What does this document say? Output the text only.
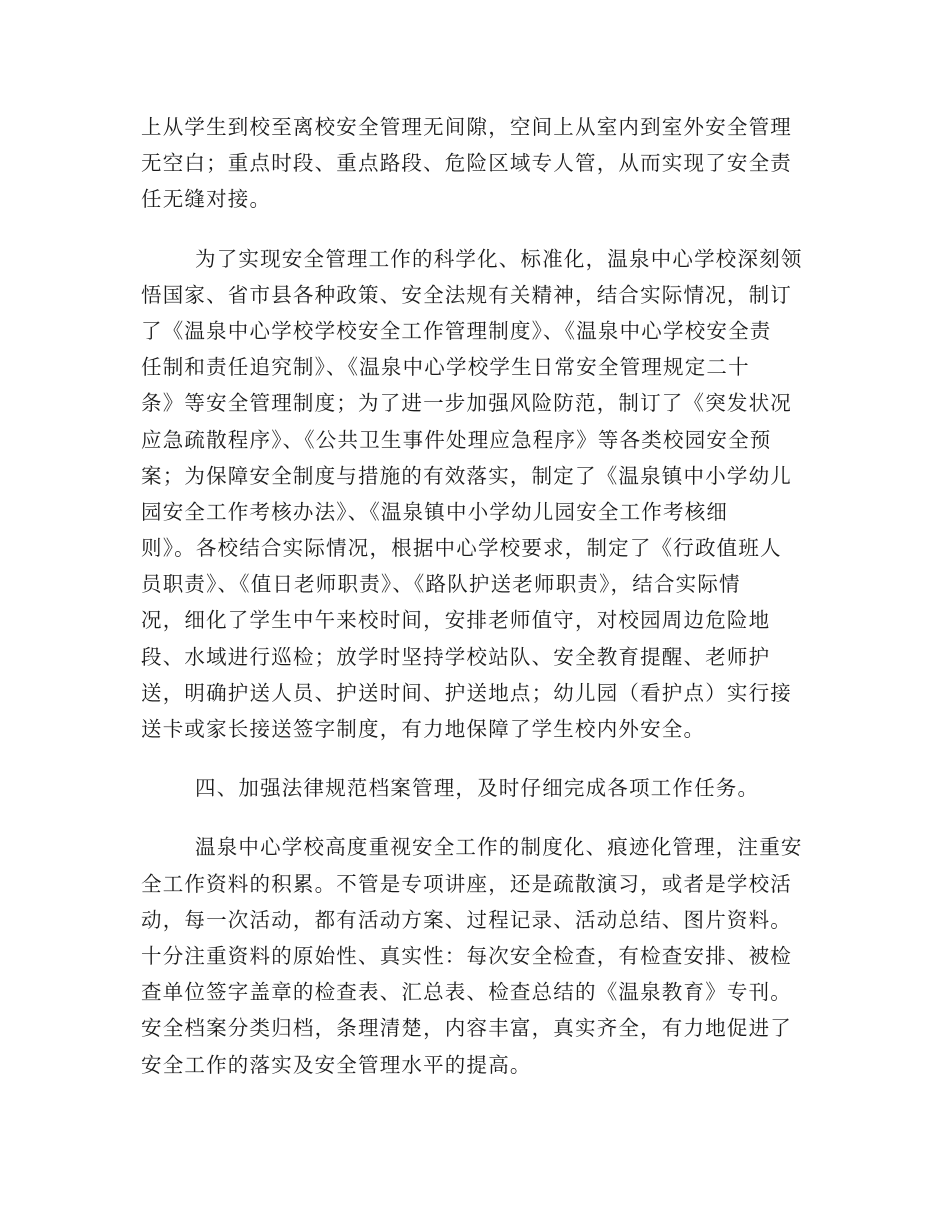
上从学生到校至离校安全管理无间隙，空间上从室内到室外安全管理
无空白；重点时段、重点路段、危险区域专人管，从而实现了安全责
任无缝对接。
为了实现安全管理工作的科学化、标准化，温泉中心学校深刻领
悟国家、省市县各种政策、安全法规有关精神，结合实际情况，制订
了《温泉中心学校学校安全工作管理制度》、《温泉中心学校安全责
任制和责任追究制》、《温泉中心学校学生日常安全管理规定二十
条》等安全管理制度；为了进一步加强风险防范，制订了《突发状况
应急疏散程序》、《公共卫生事件处理应急程序》等各类校园安全预
案；为保障安全制度与措施的有效落实，制定了《温泉镇中小学幼儿
园安全工作考核办法》、《温泉镇中小学幼儿园安全工作考核细
则》。各校结合实际情况，根据中心学校要求，制定了《行政值班人
员职责》、《值日老师职责》、《路队护送老师职责》，结合实际情
况，细化了学生中午来校时间，安排老师值守，对校园周边危险地
段、水域进行巡检；放学时坚持学校站队、安全教育提醒、老师护
送，明确护送人员、护送时间、护送地点；幼儿园（看护点）实行接
送卡或家长接送签字制度，有力地保障了学生校内外安全。
四、加强法律规范档案管理，及时仔细完成各项工作任务。
温泉中心学校高度重视安全工作的制度化、痕迹化管理，注重安
全工作资料的积累。不管是专项讲座，还是疏散演习，或者是学校活
动，每一次活动，都有活动方案、过程记录、活动总结、图片资料。
十分注重资料的原始性、真实性：每次安全检查，有检查安排、被检
查单位签字盖章的检查表、汇总表、检查总结的《温泉教育》专刊。
安全档案分类归档，条理清楚，内容丰富，真实齐全，有力地促进了
安全工作的落实及安全管理水平的提高。
